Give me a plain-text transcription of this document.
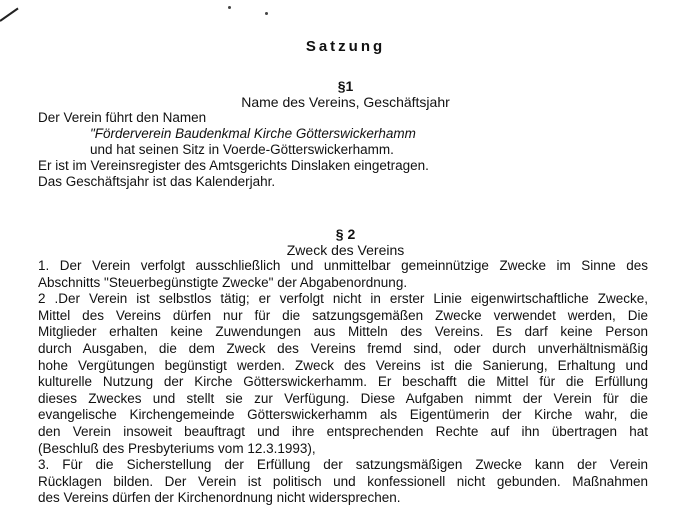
Satzung
§1
Name des Vereins, Geschäftsjahr
Der Verein führt den Namen
"Förderverein Baudenkmal Kirche Götterswickerhamm
und hat seinen Sitz in Voerde-Götterswickerhamm.
Er ist im Vereinsregister des Amtsgerichts Dinslaken eingetragen.
Das Geschäftsjahr ist das Kalenderjahr.
§ 2
Zweck des Vereins
1. Der Verein verfolgt ausschließlich und unmittelbar gemeinnützige Zwecke im Sinne des
Abschnitts "Steuerbegünstigte Zwecke" der Abgabenordnung.
2 .Der Verein ist selbstlos tätig; er verfolgt nicht in erster Linie eigenwirtschaftliche Zwecke,
Mittel des Vereins dürfen nur für die satzungsgemäßen Zwecke verwendet werden, Die
Mitglieder erhalten keine Zuwendungen aus Mitteln des Vereins. Es darf keine Person
durch Ausgaben, die dem Zweck des Vereins fremd sind, oder durch unverhältnismäßig
hohe Vergütungen begünstigt werden. Zweck des Vereins ist die Sanierung, Erhaltung und
kulturelle Nutzung der Kirche Götterswickerhamm. Er beschafft die Mittel für die Erfüllung
dieses Zweckes und stellt sie zur Verfügung. Diese Aufgaben nimmt der Verein für die
evangelische Kirchengemeinde Götterswickerhamm als Eigentümerin der Kirche wahr, die
den Verein insoweit beauftragt und ihre entsprechenden Rechte auf ihn übertragen hat
(Beschluß des Presbyteriums vom 12.3.1993),
3. Für die Sicherstellung der Erfüllung der satzungsmäßigen Zwecke kann der Verein
Rücklagen bilden. Der Verein ist politisch und konfessionell nicht gebunden. Maßnahmen
des Vereins dürfen der Kirchenordnung nicht widersprechen.
